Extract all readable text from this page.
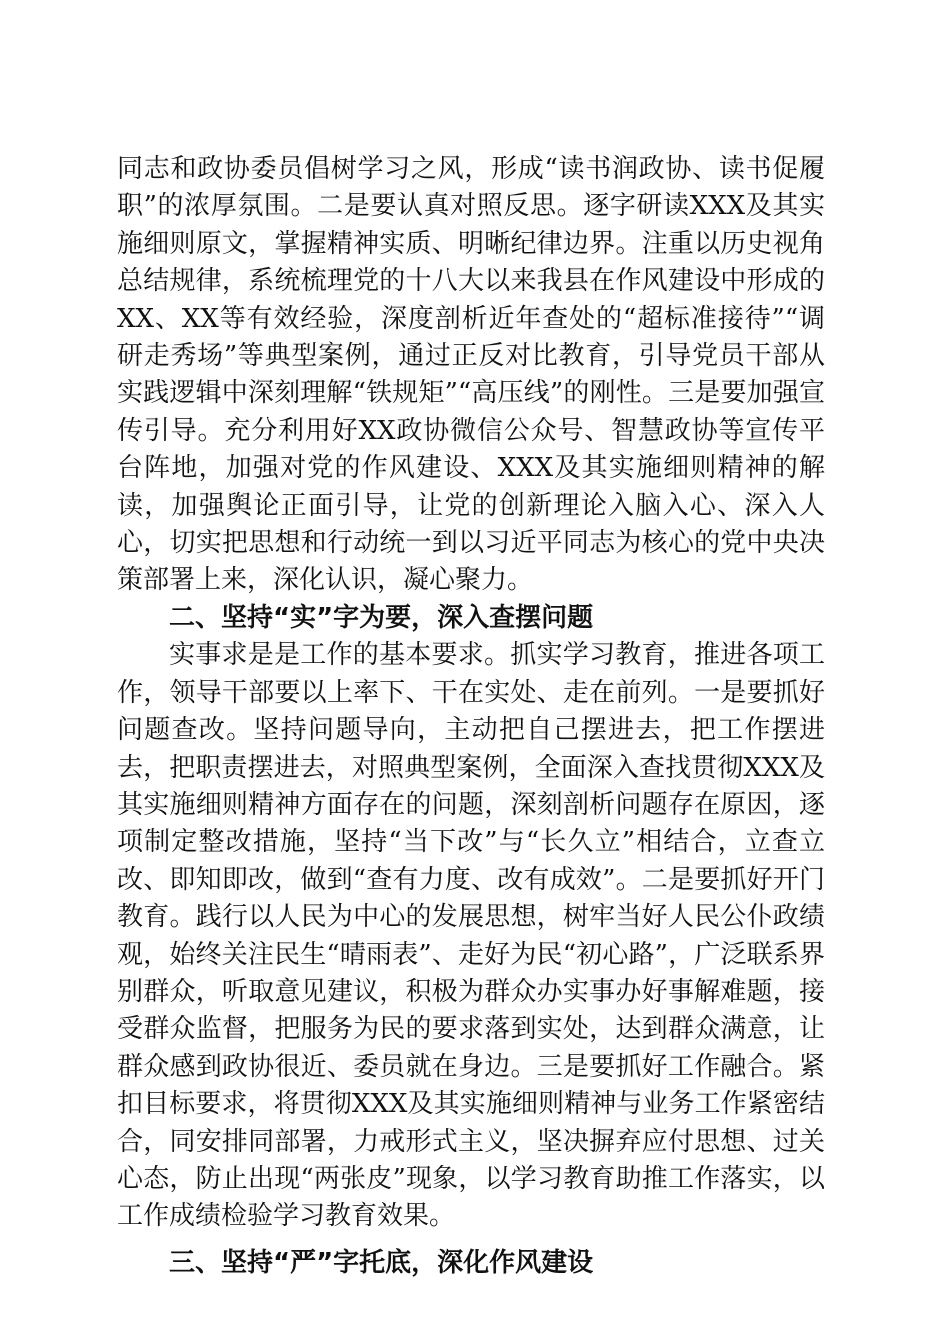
同志和政协委员倡树学习之风，形成“读书润政协、读书促履职”的浓厚氛围。二是要认真对照反思。逐字研读XXX及其实施细则原文，掌握精神实质、明晰纪律边界。注重以历史视角总结规律，系统梳理党的十八大以来我县在作风建设中形成的XX、XX等有效经验，深度剖析近年查处的“超标准接待”“调研走秀场”等典型案例，通过正反对比教育，引导党员干部从实践逻辑中深刻理解“铁规矩”“高压线”的刚性。三是要加强宣传引导。充分利用好XX政协微信公众号、智慧政协等宣传平台阵地，加强对党的作风建设、XXX及其实施细则精神的解读，加强舆论正面引导，让党的创新理论入脑入心、深入人心，切实把思想和行动统一到以习近平同志为核心的党中央决策部署上来，深化认识，凝心聚力。

二、坚持“实”字为要，深入查摆问题

实事求是是工作的基本要求。抓实学习教育，推进各项工作，领导干部要以上率下、干在实处、走在前列。一是要抓好问题查改。坚持问题导向，主动把自己摆进去，把工作摆进去，把职责摆进去，对照典型案例，全面深入查找贯彻XXX及其实施细则精神方面存在的问题，深刻剖析问题存在原因，逐项制定整改措施，坚持“当下改”与“长久立”相结合，立查立改、即知即改，做到“查有力度、改有成效”。二是要抓好开门教育。践行以人民为中心的发展思想，树牢当好人民公仆政绩观，始终关注民生“晴雨表”、走好为民“初心路”，广泛联系界别群众，听取意见建议，积极为群众办实事办好事解难题，接受群众监督，把服务为民的要求落到实处，达到群众满意，让群众感到政协很近、委员就在身边。三是要抓好工作融合。紧扣目标要求，将贯彻XXX及其实施细则精神与业务工作紧密结合，同安排同部署，力戒形式主义，坚决摒弃应付思想、过关心态，防止出现“两张皮”现象，以学习教育助推工作落实，以工作成绩检验学习教育效果。

三、坚持“严”字托底，深化作风建设
